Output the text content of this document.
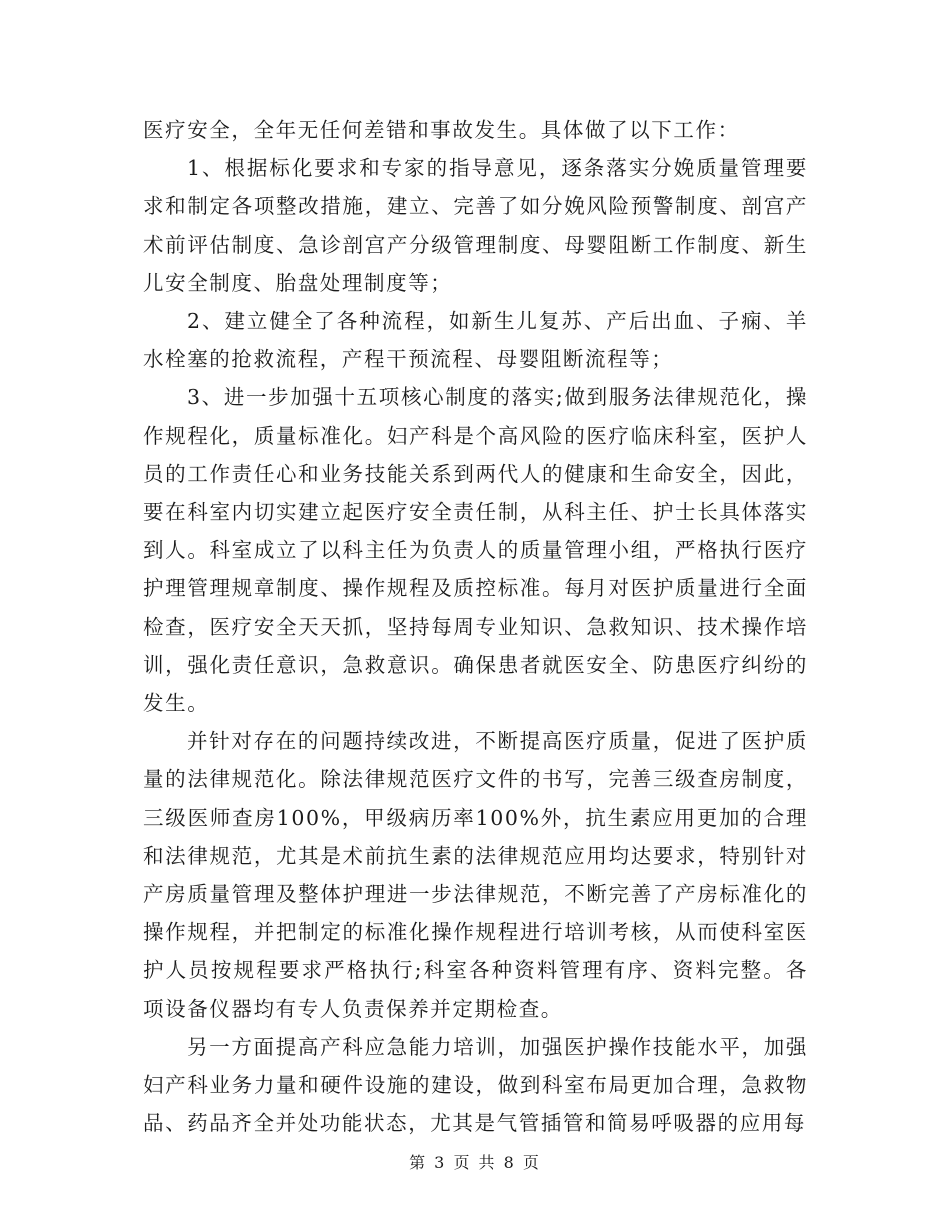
医疗安全，全年无任何差错和事故发生。具体做了以下工作：

1、根据标化要求和专家的指导意见，逐条落实分娩质量管理要求和制定各项整改措施，建立、完善了如分娩风险预警制度、剖宫产术前评估制度、急诊剖宫产分级管理制度、母婴阻断工作制度、新生儿安全制度、胎盘处理制度等；

2、建立健全了各种流程，如新生儿复苏、产后出血、子痫、羊水栓塞的抢救流程，产程干预流程、母婴阻断流程等；

3、进一步加强十五项核心制度的落实;做到服务法律规范化，操作规程化，质量标准化。妇产科是个高风险的医疗临床科室，医护人员的工作责任心和业务技能关系到两代人的健康和生命安全，因此，要在科室内切实建立起医疗安全责任制，从科主任、护士长具体落实到人。科室成立了以科主任为负责人的质量管理小组，严格执行医疗护理管理规章制度、操作规程及质控标准。每月对医护质量进行全面检查，医疗安全天天抓，坚持每周专业知识、急救知识、技术操作培训，强化责任意识，急救意识。确保患者就医安全、防患医疗纠纷的发生。

并针对存在的问题持续改进，不断提高医疗质量，促进了医护质量的法律规范化。除法律规范医疗文件的书写，完善三级查房制度，三级医师查房100%，甲级病历率100%外，抗生素应用更加的合理和法律规范，尤其是术前抗生素的法律规范应用均达要求，特别针对产房质量管理及整体护理进一步法律规范，不断完善了产房标准化的操作规程，并把制定的标准化操作规程进行培训考核，从而使科室医护人员按规程要求严格执行;科室各种资料管理有序、资料完整。各项设备仪器均有专人负责保养并定期检查。

另一方面提高产科应急能力培训，加强医护操作技能水平，加强妇产科业务力量和硬件设施的建设，做到科室布局更加合理，急救物品、药品齐全并处功能状态，尤其是气管插管和简易呼吸器的应用每

第 3 页 共 8 页
